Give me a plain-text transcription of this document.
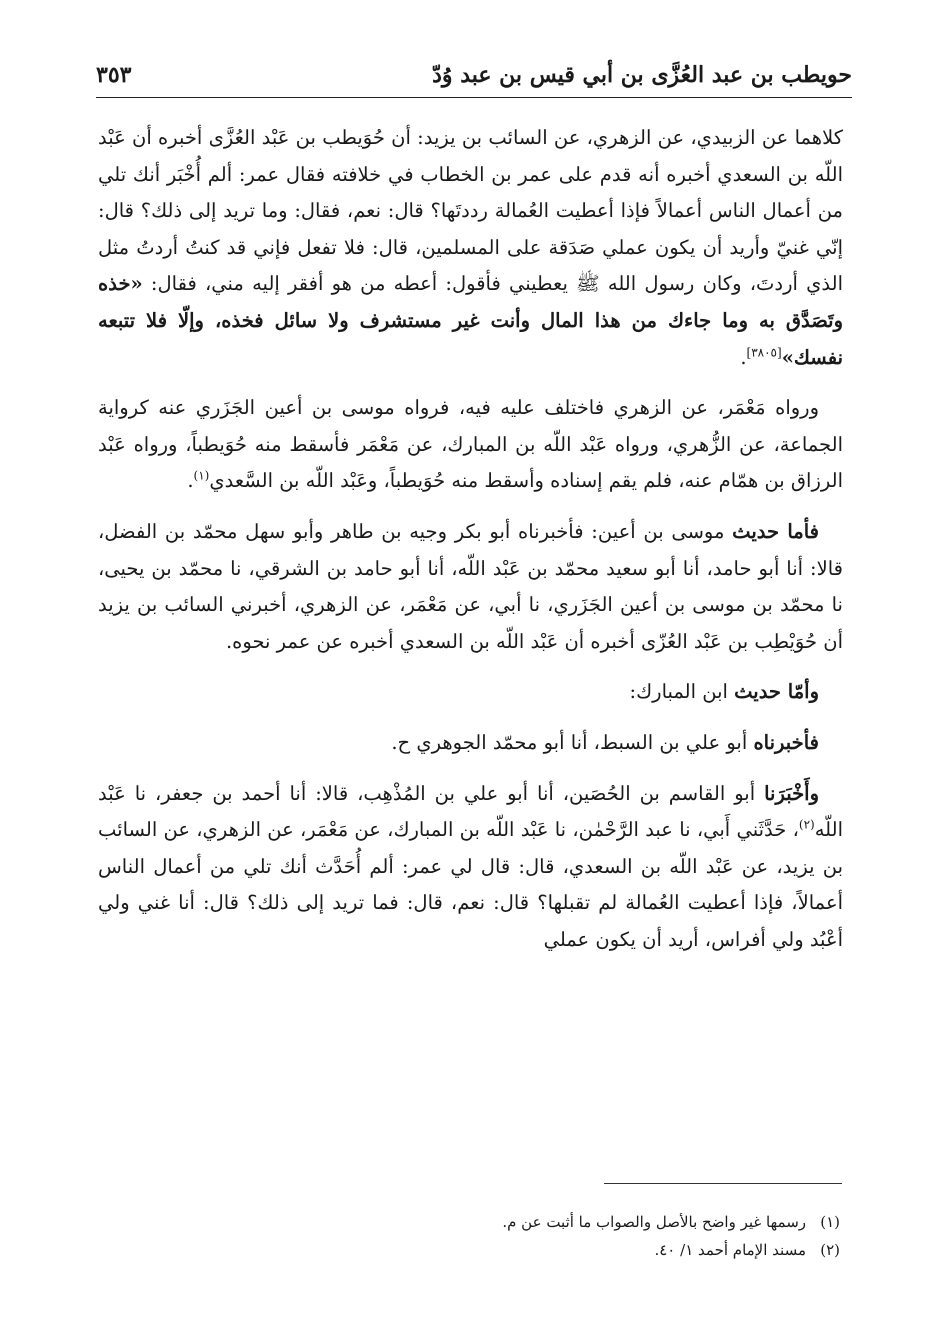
حويطب بن عبد العُزَّى بن أبي قيس بن عبد وُدّ
٣٥٣

كلاهما عن الزبيدي، عن الزهري، عن السائب بن يزيد: أن حُوَيطب بن عَبْد العُزَّى أخبره أن عَبْد اللّه بن السعدي أخبره أنه قدم على عمر بن الخطاب في خلافته فقال عمر: ألم أُخْبَر أنك تلي من أعمال الناس أعمالاً فإذا أعطيت العُمالة رددتَها؟ قال: نعم، فقال: وما تريد إلى ذلك؟ قال: إنّي غنيّ وأريد أن يكون عملي صَدَقة على المسلمين، قال: فلا تفعل فإني قد كنتُ أردتُ مثل الذي أردتَ، وكان رسول الله ﷺ يعطيني فأقول: أعطه من هو أفقر إليه مني، فقال: «خذه وتَصَدَّق به وما جاءك من هذا المال وأنت غير مستشرف ولا سائل فخذه، وإلّا فلا تتبعه نفسك»[٣٨٠٥].

ورواه مَعْمَر، عن الزهري فاختلف عليه فيه، فرواه موسى بن أعين الجَزَري عنه كرواية الجماعة، عن الزُّهري، ورواه عَبْد اللّه بن المبارك، عن مَعْمَر فأسقط منه حُوَيطباً، ورواه عَبْد الرزاق بن همّام عنه، فلم يقم إسناده وأسقط منه حُوَيطباً، وعَبْد اللّه بن السَّعدي$^{(١)}$.

فأما حديث موسى بن أعين: فأخبرناه أبو بكر وجيه بن طاهر وأبو سهل محمّد بن الفضل، قالا: أنا أبو حامد، أنا أبو سعيد محمّد بن عَبْد اللّه، أنا أبو حامد بن الشرقي، نا محمّد بن يحيى، نا محمّد بن موسى بن أعين الجَزَري، نا أبي، عن مَعْمَر، عن الزهري، أخبرني السائب بن يزيد أن حُوَيْطِب بن عَبْد العُزّى أخبره أن عَبْد اللّه بن السعدي أخبره عن عمر نحوه.

وأمّا حديث ابن المبارك:

فأخبرناه أبو علي بن السبط، أنا أبو محمّد الجوهري ح.

وأَخْبَرَنا أبو القاسم بن الحُصَين، أنا أبو علي بن المُذْهِب، قالا: أنا أحمد بن جعفر، نا عَبْد اللّه$^{(٢)}$، حَدَّثَني أَبي، نا عبد الرَّحْمٰن، نا عَبْد اللّه بن المبارك، عن مَعْمَر، عن الزهري، عن السائب بن يزيد، عن عَبْد اللّه بن السعدي، قال: قال لي عمر: ألم أُحَدَّث أنك تلي من أعمال الناس أعمالاً، فإذا أعطيت العُمالة لم تقبلها؟ قال: نعم، قال: فما تريد إلى ذلك؟ قال: أنا غني ولي أعْبُد ولي أفراس، أريد أن يكون عملي

(١)رسمها غير واضح بالأصل والصواب ما أثبت عن م.
(٢)مسند الإمام أحمد ١/ ٤٠.
